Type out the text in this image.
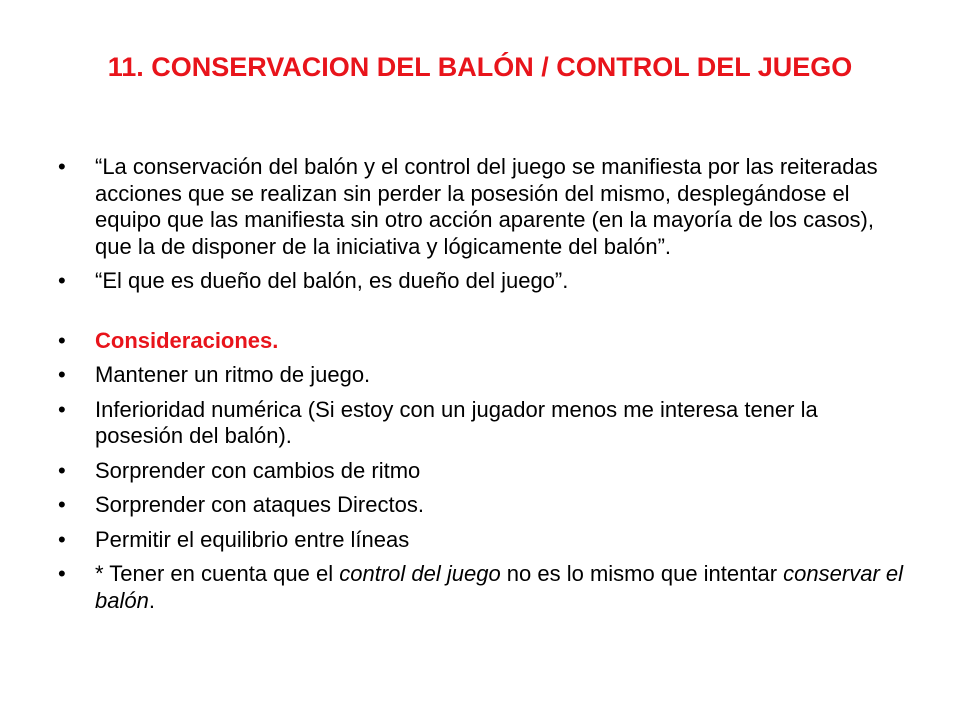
11. CONSERVACION DEL BALÓN / CONTROL DEL JUEGO
•	“La conservación del balón y el control del juego se manifiesta por las reiteradas acciones que se realizan sin perder la posesión del mismo, desplegándose el equipo que las manifiesta sin otro acción aparente (en la mayoría de los casos), que la de disponer de la iniciativa y lógicamente del balón”.
•	“El que es dueño del balón, es dueño del juego”.
•	Consideraciones.
•	Mantener un ritmo de juego.
•	Inferioridad numérica (Si estoy con un jugador menos me interesa tener la posesión del balón).
•	Sorprender con cambios de ritmo
•	Sorprender con ataques Directos.
•	Permitir el equilibrio entre líneas
•	* Tener en cuenta que el control del juego no es lo mismo que intentar conservar el balón.
